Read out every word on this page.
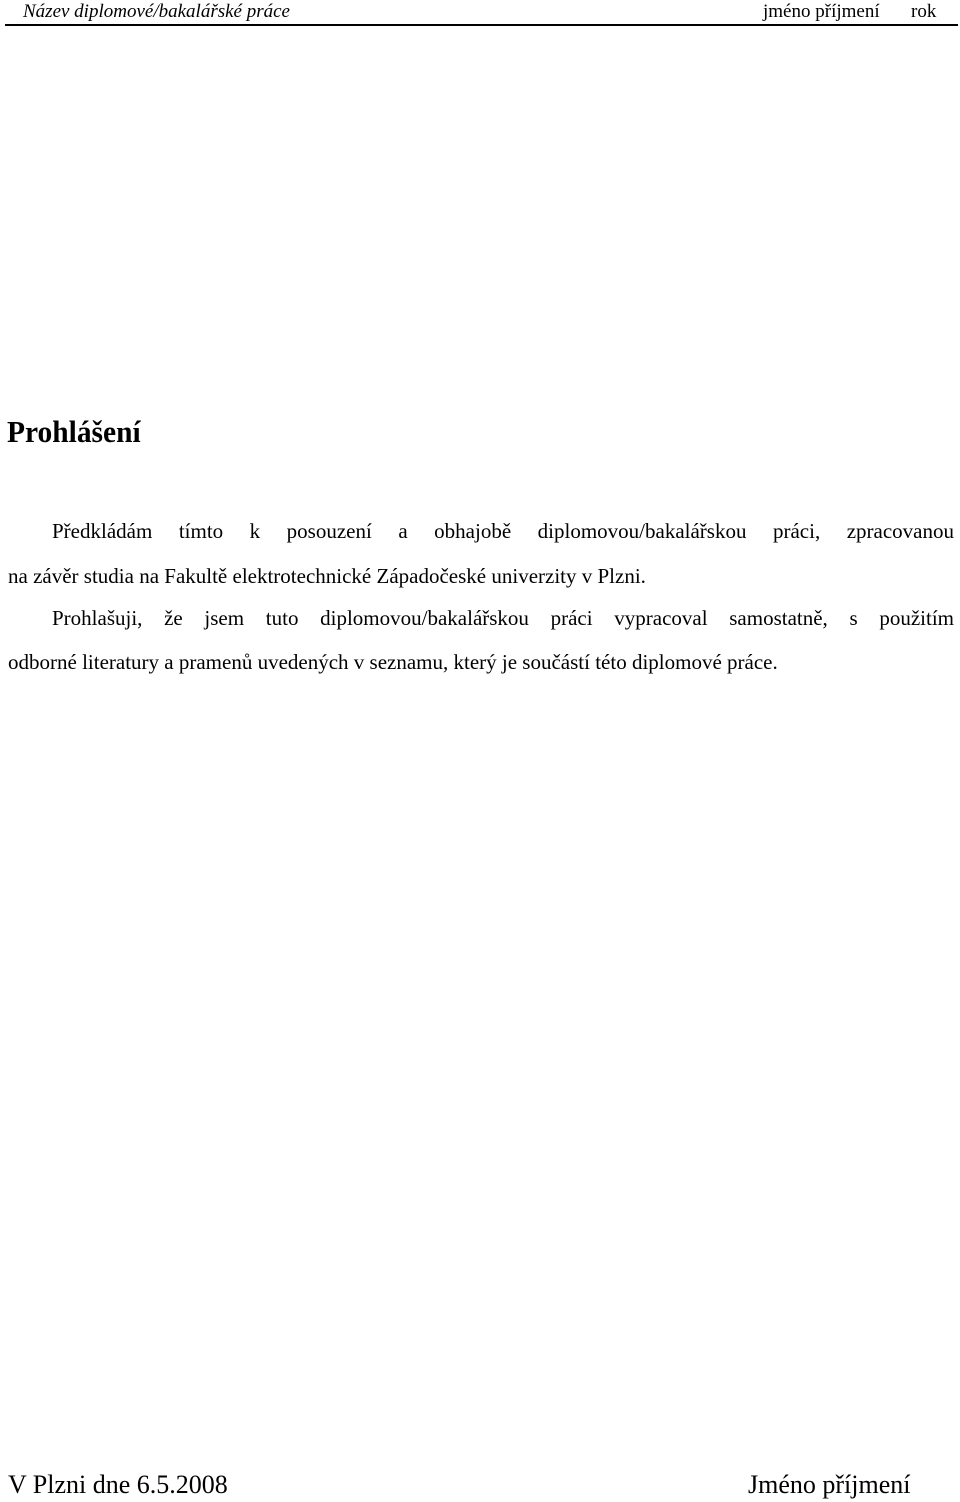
Název diplomové/bakalářské práce	jméno příjmení rok
Prohlášení
Předkládám tímto k posouzení a obhajobě diplomovou/bakalářskou práci, zpracovanou
na závěr studia na Fakultě elektrotechnické Západočeské univerzity v Plzni.
Prohlašuji, že jsem tuto diplomovou/bakalářskou práci vypracoval samostatně, s použitím
odborné literatury a pramenů uvedených v seznamu, který je součástí této diplomové práce.
V Plzni dne 6.5.2008	Jméno příjmení
